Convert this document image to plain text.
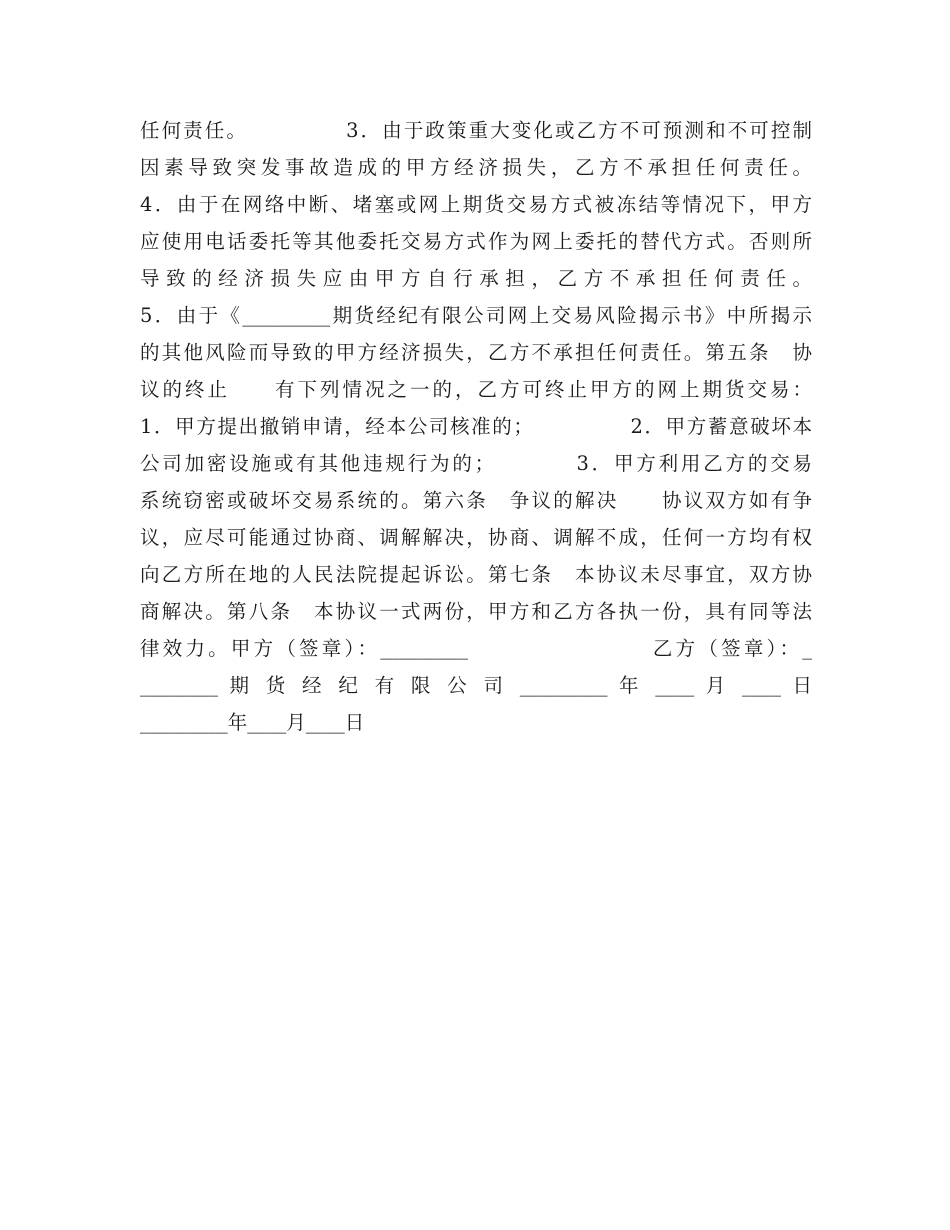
任何责任。　　　　　3．由于政策重大变化或乙方不可预测和不可控制
因素导致突发事故造成的甲方经济损失，乙方不承担任何责任。
4．由于在网络中断、堵塞或网上期货交易方式被冻结等情况下，甲方
应使用电话委托等其他委托交易方式作为网上委托的替代方式。否则所
导致的经济损失应由甲方自行承担，乙方不承担任何责任。
5．由于《_________期货经纪有限公司网上交易风险揭示书》中所揭示
的其他风险而导致的甲方经济损失，乙方不承担任何责任。第五条　协
议的终止　　有下列情况之一的，乙方可终止甲方的网上期货交易：
1．甲方提出撤销申请，经本公司核准的；　　　　　2．甲方蓄意破坏本
公司加密设施或有其他违规行为的；　　　　3．甲方利用乙方的交易
系统窃密或破坏交易系统的。第六条　争议的解决　　协议双方如有争
议，应尽可能通过协商、调解解决，协商、调解不成，任何一方均有权
向乙方所在地的人民法院提起诉讼。第七条　本协议未尽事宜，双方协
商解决。第八条　本协议一式两份，甲方和乙方各执一份，具有同等法
律效力。甲方（签章）：_________　　　　　　　　乙方（签章）：_
________ 期 货 经 纪 有 限 公 司 _________ 年 ____ 月 ____ 日
_________年____月____日
